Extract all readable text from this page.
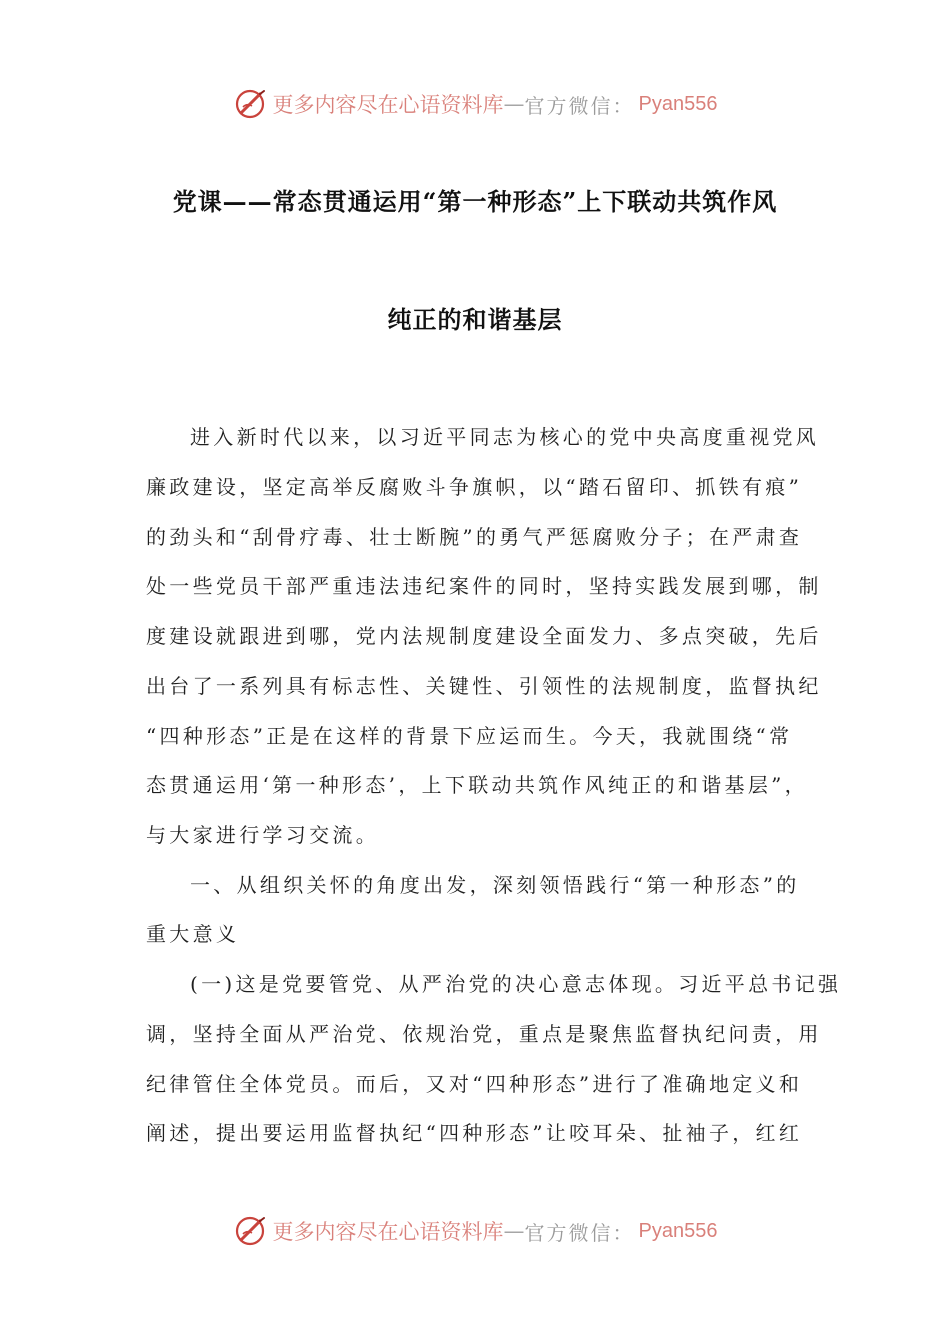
更多内容尽在心语资料库 — 官方微信： Pyan556
党课——常态贯通运用“第一种形态”上下联动共筑作风
纯正的和谐基层
进入新时代以来，以习近平同志为核心的党中央高度重视党风
廉政建设，坚定高举反腐败斗争旗帜，以“踏石留印、抓铁有痕”
的劲头和“刮骨疗毒、壮士断腕”的勇气严惩腐败分子；在严肃查
处一些党员干部严重违法违纪案件的同时，坚持实践发展到哪，制
度建设就跟进到哪，党内法规制度建设全面发力、多点突破，先后
出台了一系列具有标志性、关键性、引领性的法规制度，监督执纪
“四种形态”正是在这样的背景下应运而生。今天，我就围绕“常
态贯通运用‘第一种形态’，上下联动共筑作风纯正的和谐基层”，
与大家进行学习交流。
一、从组织关怀的角度出发，深刻领悟践行“第一种形态”的
重大意义
(一)这是党要管党、从严治党的决心意志体现。习近平总书记强
调，坚持全面从严治党、依规治党，重点是聚焦监督执纪问责，用
纪律管住全体党员。而后，又对“四种形态”进行了准确地定义和
阐述，提出要运用监督执纪“四种形态”让咬耳朵、扯袖子，红红
更多内容尽在心语资料库 — 官方微信： Pyan556
